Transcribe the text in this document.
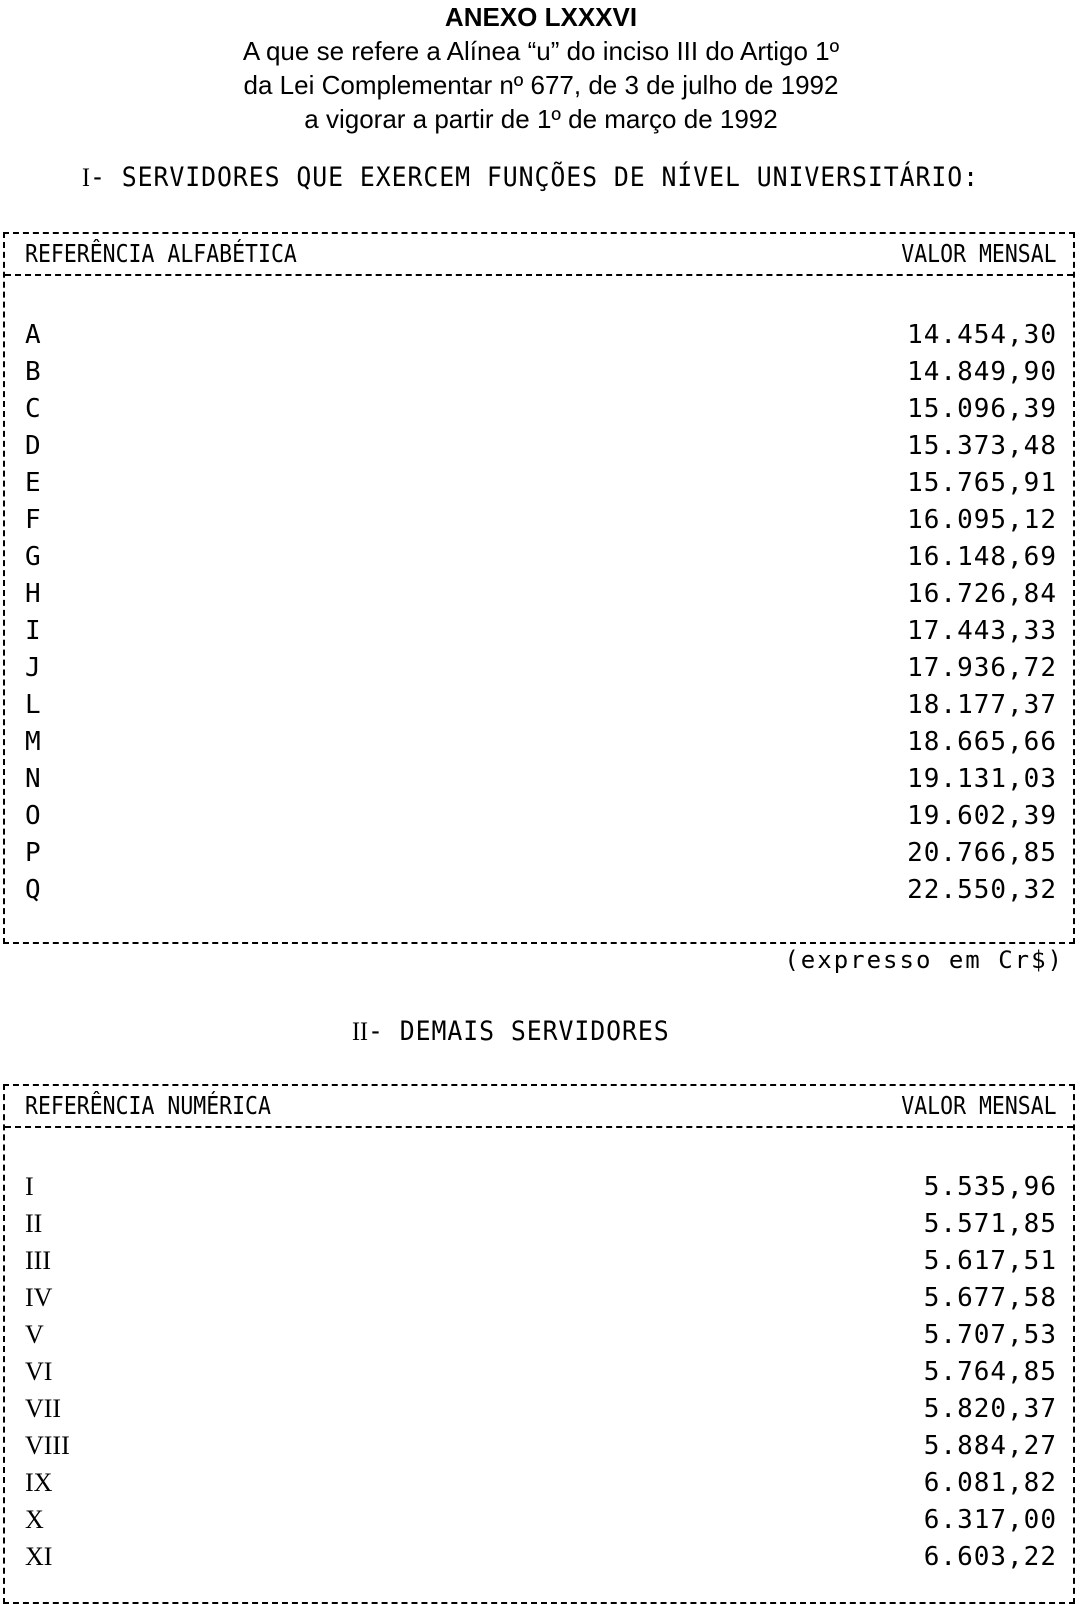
ANEXO LXXXVI
A que se refere a Alínea “u” do inciso III do Artigo 1º
da Lei Complementar nº 677, de 3 de julho de 1992
a vigorar a partir de 1º de março de 1992
I- SERVIDORES QUE EXERCEM FUNÇÕES DE NÍVEL UNIVERSITÁRIO:
REFERÊNCIA ALFABÉTICA	VALOR MENSAL
A	14.454,30
B	14.849,90
C	15.096,39
D	15.373,48
E	15.765,91
F	16.095,12
G	16.148,69
H	16.726,84
I	17.443,33
J	17.936,72
L	18.177,37
M	18.665,66
N	19.131,03
O	19.602,39
P	20.766,85
Q	22.550,32
(expresso em Cr$)
II- DEMAIS SERVIDORES
REFERÊNCIA NUMÉRICA	VALOR MENSAL
I	5.535,96
II	5.571,85
III	5.617,51
IV	5.677,58
V	5.707,53
VI	5.764,85
VII	5.820,37
VIII	5.884,27
IX	6.081,82
X	6.317,00
XI	6.603,22
